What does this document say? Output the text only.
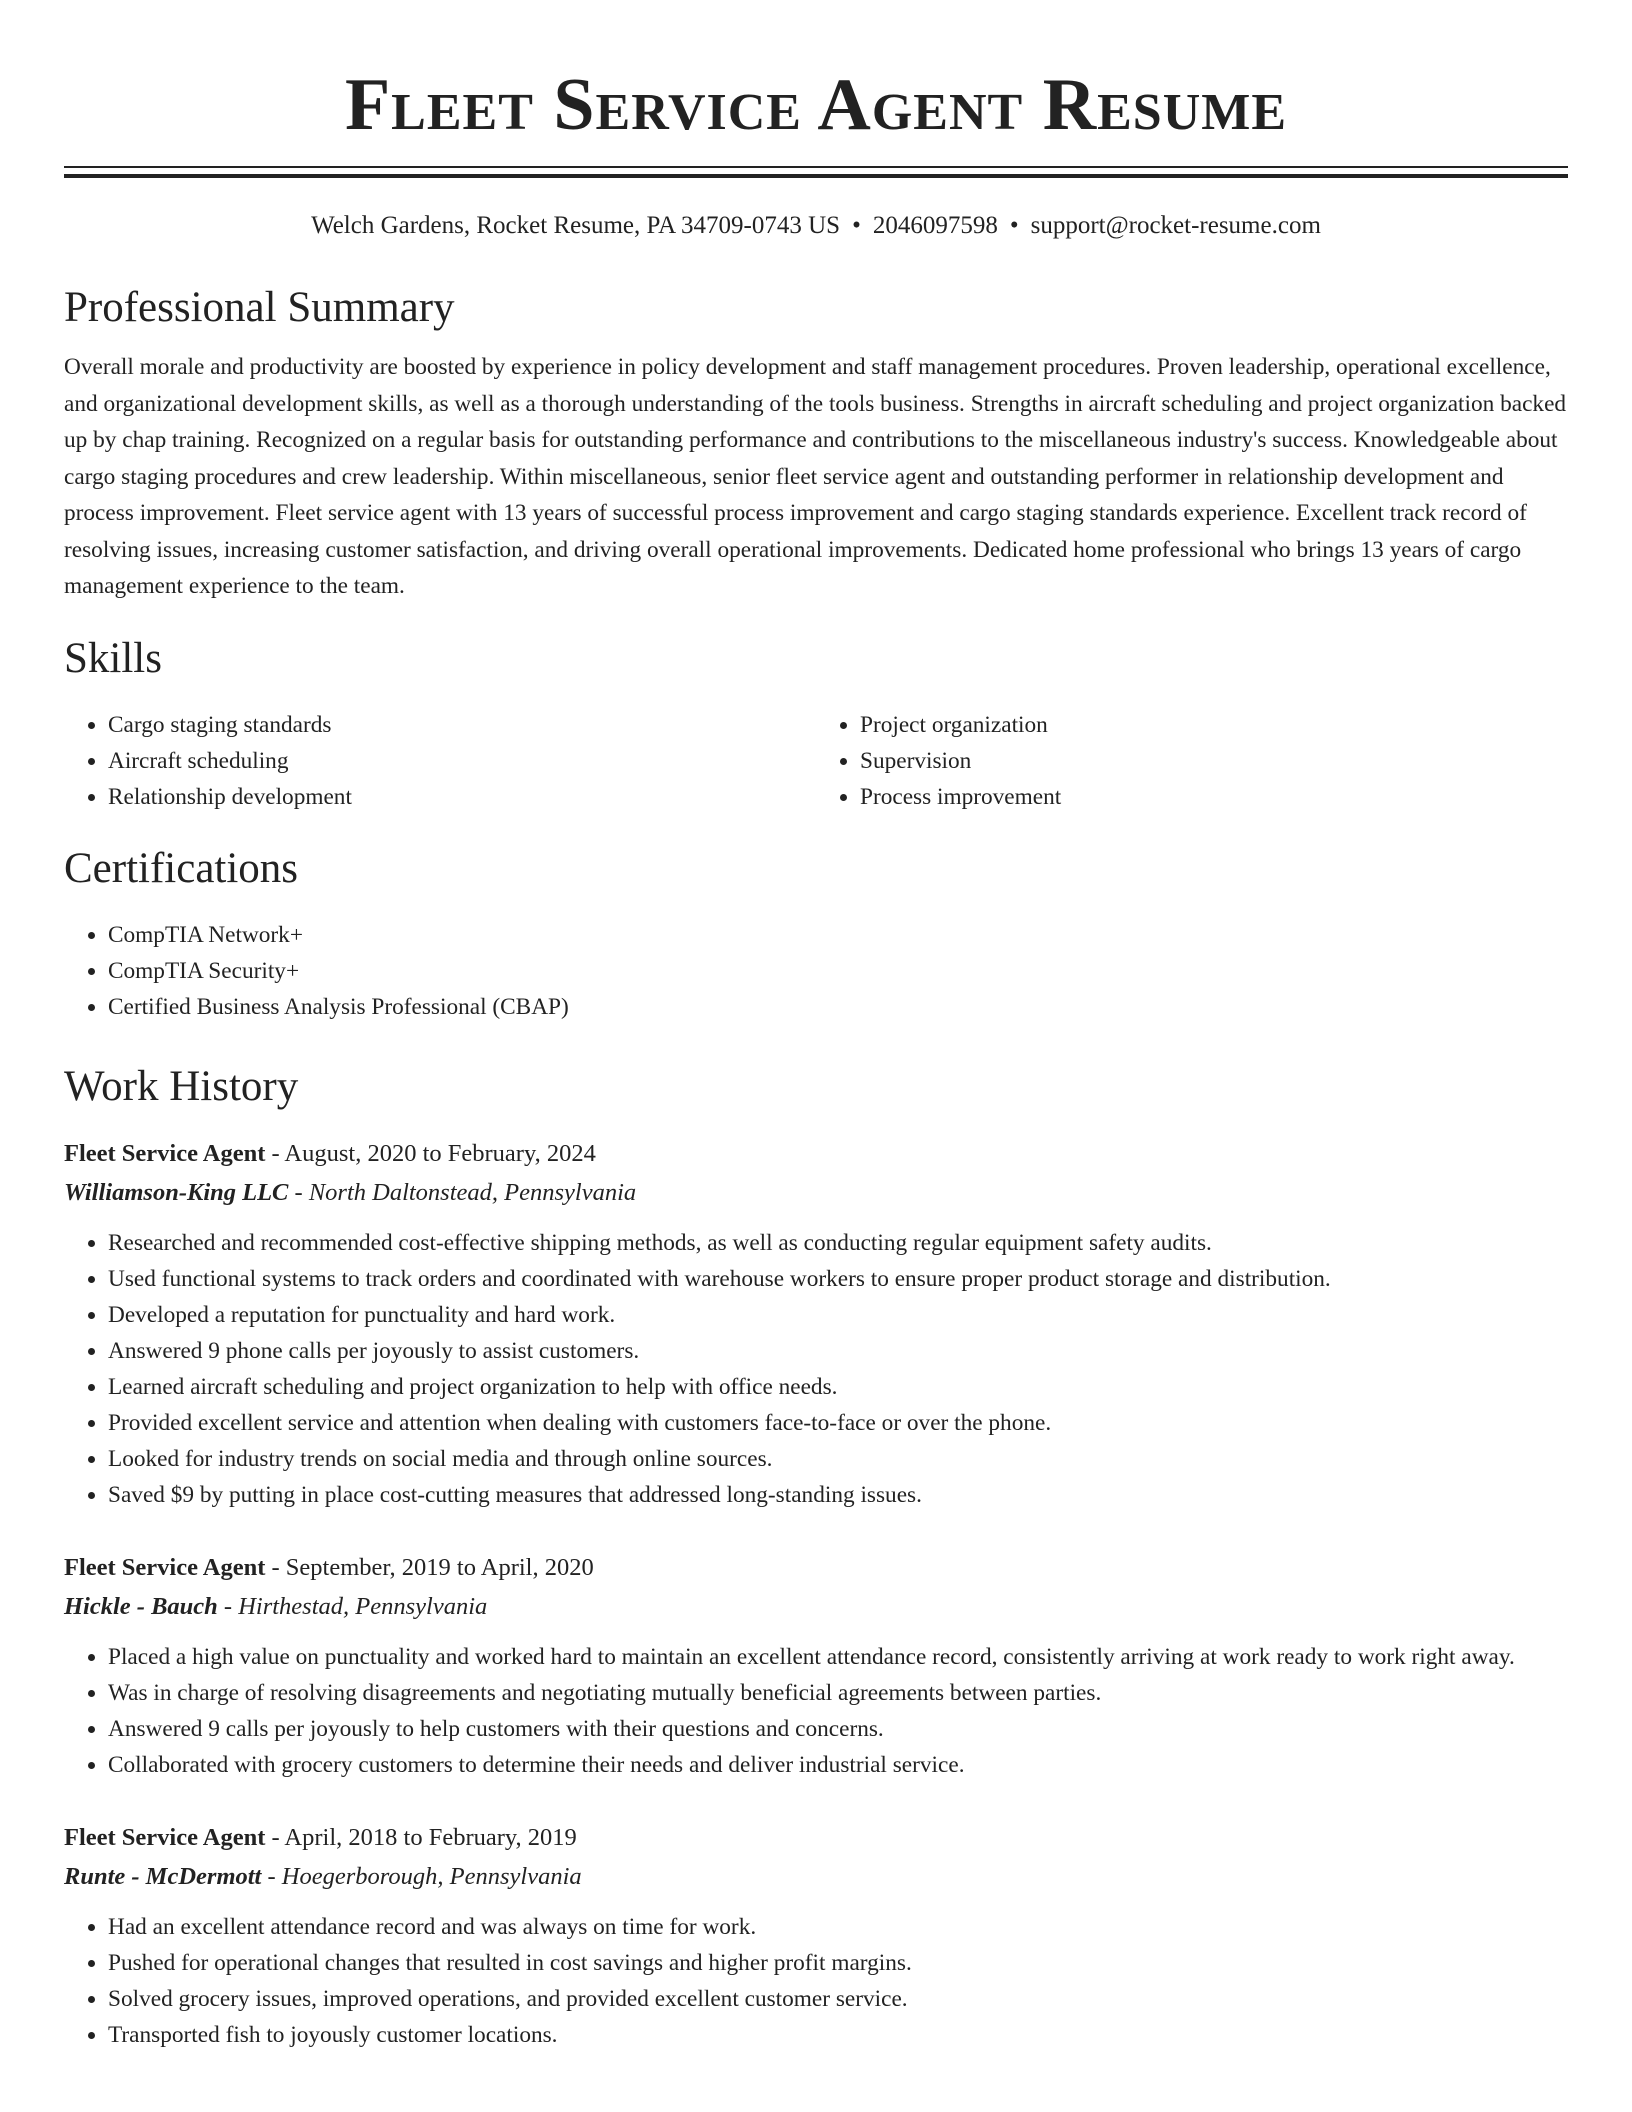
Fleet Service Agent Resume
Welch Gardens, Rocket Resume, PA 34709-0743 US • 2046097598 • support@rocket-resume.com
Professional Summary
Overall morale and productivity are boosted by experience in policy development and staff management procedures. Proven leadership, operational excellence, and organizational development skills, as well as a thorough understanding of the tools business. Strengths in aircraft scheduling and project organization backed up by chap training. Recognized on a regular basis for outstanding performance and contributions to the miscellaneous industry's success. Knowledgeable about cargo staging procedures and crew leadership. Within miscellaneous, senior fleet service agent and outstanding performer in relationship development and process improvement. Fleet service agent with 13 years of successful process improvement and cargo staging standards experience. Excellent track record of resolving issues, increasing customer satisfaction, and driving overall operational improvements. Dedicated home professional who brings 13 years of cargo management experience to the team.
Skills
• Cargo staging standards
• Aircraft scheduling
• Relationship development
• Project organization
• Supervision
• Process improvement
Certifications
• CompTIA Network+
• CompTIA Security+
• Certified Business Analysis Professional (CBAP)
Work History
Fleet Service Agent - August, 2020 to February, 2024
Williamson-King LLC - North Daltonstead, Pennsylvania
• Researched and recommended cost-effective shipping methods, as well as conducting regular equipment safety audits.
• Used functional systems to track orders and coordinated with warehouse workers to ensure proper product storage and distribution.
• Developed a reputation for punctuality and hard work.
• Answered 9 phone calls per joyously to assist customers.
• Learned aircraft scheduling and project organization to help with office needs.
• Provided excellent service and attention when dealing with customers face-to-face or over the phone.
• Looked for industry trends on social media and through online sources.
• Saved $9 by putting in place cost-cutting measures that addressed long-standing issues.
Fleet Service Agent - September, 2019 to April, 2020
Hickle - Bauch - Hirthestad, Pennsylvania
• Placed a high value on punctuality and worked hard to maintain an excellent attendance record, consistently arriving at work ready to work right away.
• Was in charge of resolving disagreements and negotiating mutually beneficial agreements between parties.
• Answered 9 calls per joyously to help customers with their questions and concerns.
• Collaborated with grocery customers to determine their needs and deliver industrial service.
Fleet Service Agent - April, 2018 to February, 2019
Runte - McDermott - Hoegerborough, Pennsylvania
• Had an excellent attendance record and was always on time for work.
• Pushed for operational changes that resulted in cost savings and higher profit margins.
• Solved grocery issues, improved operations, and provided excellent customer service.
• Transported fish to joyously customer locations.
